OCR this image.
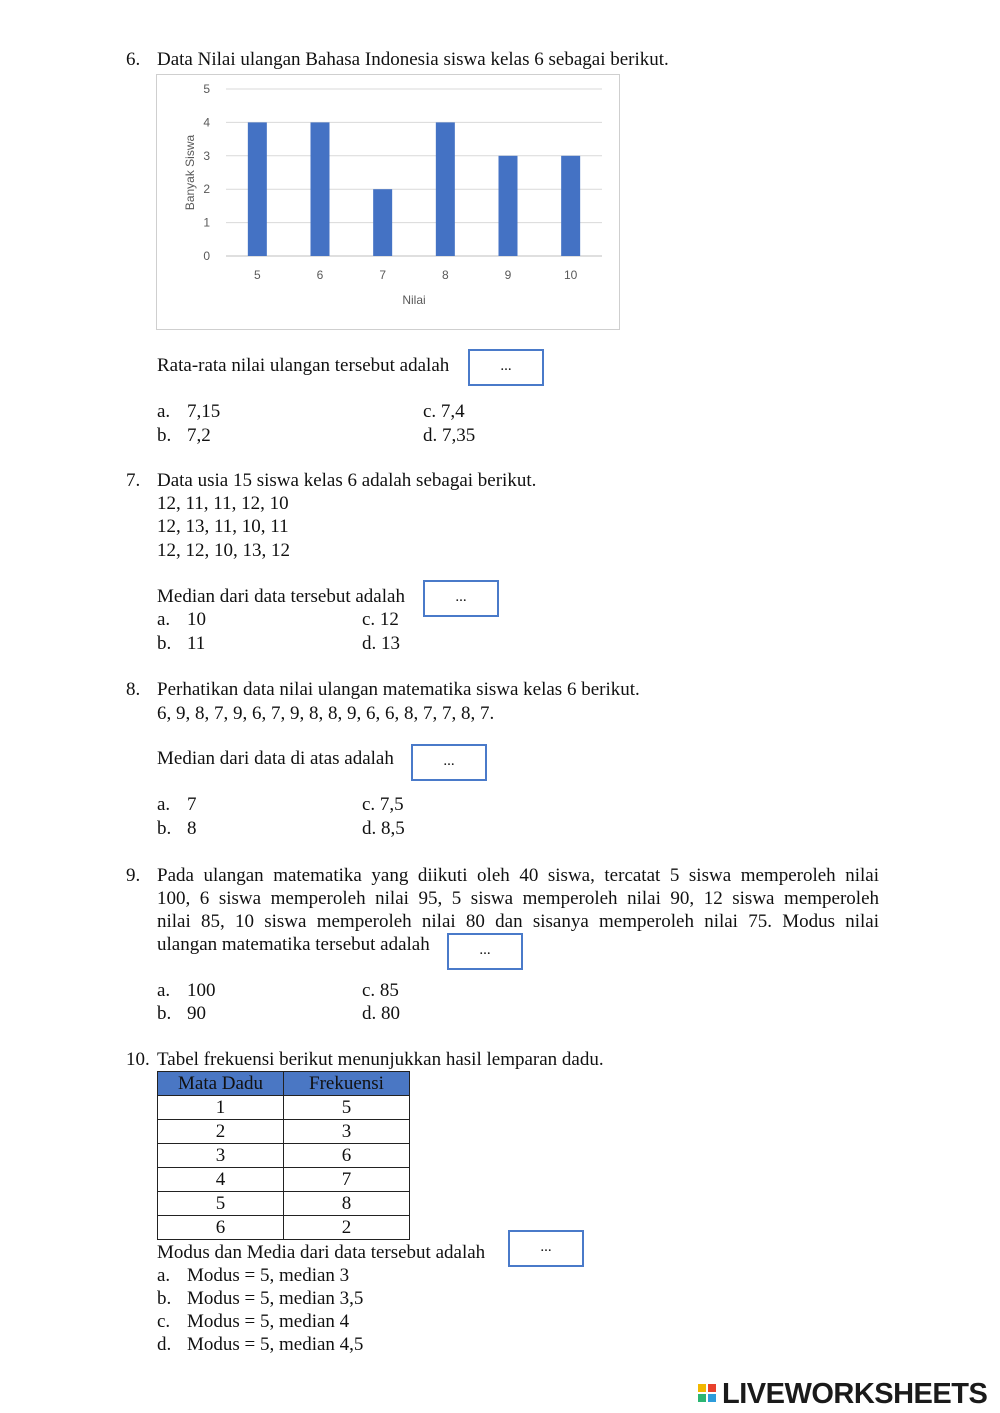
6. Data Nilai ulangan Bahasa Indonesia siswa kelas 6 sebagai berikut.
0
1
2
3
4
5
5	6	7	8	9	10
Nilai
Banyak Siswa
Rata-rata nilai ulangan tersebut adalah	...
a. 7,15
b. 7,2
c. 7,4
d. 7,35
7. Data usia 15 siswa kelas 6 adalah sebagai berikut.
12, 11, 11, 12, 10
12, 13, 11, 10, 11
12, 12, 10, 13, 12
Median dari data tersebut adalah	...
a. 10
b. 11
c. 12
d. 13
8. Perhatikan data nilai ulangan matematika siswa kelas 6 berikut.
6, 9, 8, 7, 9, 6, 7, 9, 8, 8, 9, 6, 6, 8, 7, 7, 8, 7.
Median dari data di atas adalah	...
a. 7
b. 8
c. 7,5
d. 8,5
9. Pada ulangan matematika yang diikuti oleh 40 siswa, tercatat 5 siswa memperoleh nilai
100, 6 siswa memperoleh nilai 95, 5 siswa memperoleh nilai 90, 12 siswa memperoleh
nilai 85, 10 siswa memperoleh nilai 80 dan sisanya memperoleh nilai 75. Modus nilai
ulangan matematika tersebut adalah	...
a. 100
b. 90
c. 85
d. 80
10. Tabel frekuensi berikut menunjukkan hasil lemparan dadu.
Mata Dadu	Frekuensi
1	5
2	3
3	6
4	7
5	8
6	2
Modus dan Media dari data tersebut adalah	...
a. Modus = 5, median 3
b. Modus = 5, median 3,5
c. Modus = 5, median 4
d. Modus = 5, median 4,5
LIVEWORKSHEETS
